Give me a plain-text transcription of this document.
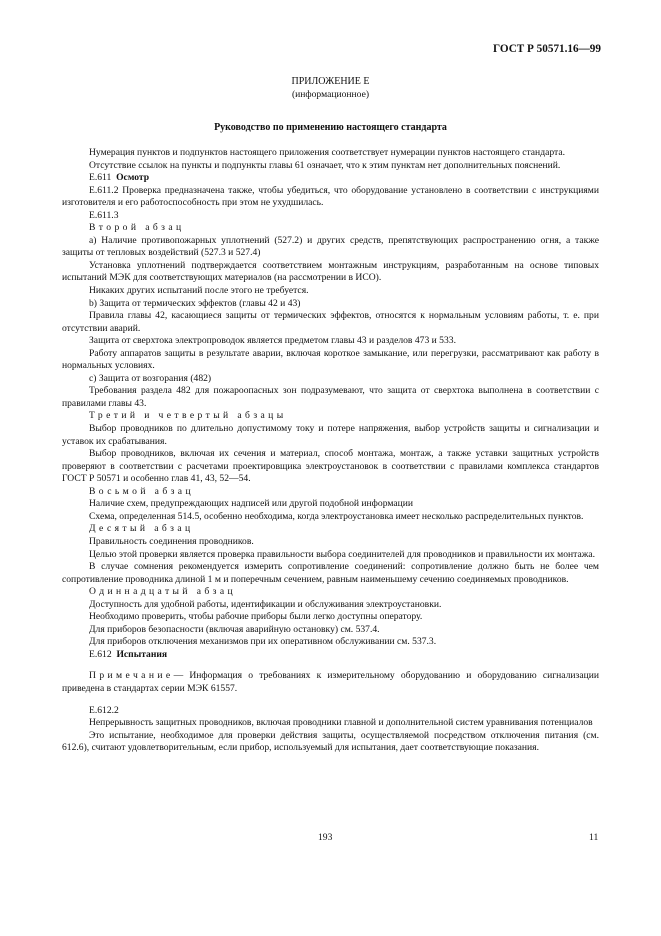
ГОСТ Р 50571.16—99
ПРИЛОЖЕНИЕ Е
(информационное)
Руководство по применению настоящего стандарта

Нумерация пунктов и подпунктов настоящего приложения соответствует нумерации пунктов настоящего стандарта.

Отсутствие ссылок на пункты и подпункты главы 61 означает, что к этим пунктам нет дополнительных пояснений.

Е.611 Осмотр

Е.611.2 Проверка предназначена также, чтобы убедиться, что оборудование установлено в соответствии с инструкциями изготовителя и его работоспособность при этом не ухудшилась.

Е.611.3

Второй абзац

а) Наличие противопожарных уплотнений (527.2) и других средств, препятствующих распространению огня, а также защиты от тепловых воздействий (527.3 и 527.4)

Установка уплотнений подтверждается соответствием монтажным инструкциям, разработанным на основе типовых испытаний МЭК для соответствующих материалов (на рассмотрении в ИСО).

Никаких других испытаний после этого не требуется.

b) Защита от термических эффектов (главы 42 и 43)

Правила главы 42, касающиеся защиты от термических эффектов, относятся к нормальным условиям работы, т. е. при отсутствии аварий.

Защита от сверхтока электропроводок является предметом главы 43 и разделов 473 и 533.

Работу аппаратов защиты в результате аварии, включая короткое замыкание, или перегрузки, рассматривают как работу в нормальных условиях.

c) Защита от возгорания (482)

Требования раздела 482 для пожароопасных зон подразумевают, что защита от сверхтока выполнена в соответствии с правилами главы 43.

Третий и четвертый абзацы

Выбор проводников по длительно допустимому току и потере напряжения, выбор устройств защиты и сигнализации и уставок их срабатывания.

Выбор проводников, включая их сечения и материал, способ монтажа, монтаж, а также уставки защитных устройств проверяют в соответствии с расчетами проектировщика электроустановок в соответствии с правилами комплекса стандартов ГОСТ Р 50571 и особенно глав 41, 43, 52—54.

Восьмой абзац

Наличие схем, предупреждающих надписей или другой подобной информации

Схема, определенная 514.5, особенно необходима, когда электроустановка имеет несколько распределительных пунктов.

Десятый абзац

Правильность соединения проводников.

Целью этой проверки является проверка правильности выбора соединителей для проводников и правильности их монтажа.

В случае сомнения рекомендуется измерить сопротивление соединений: сопротивление должно быть не более чем сопротивление проводника длиной 1 м и поперечным сечением, равным наименьшему сечению соединяемых проводников.

Одиннадцатый абзац

Доступность для удобной работы, идентификации и обслуживания электроустановки.

Необходимо проверить, чтобы рабочие приборы были легко доступны оператору.

Для приборов безопасности (включая аварийную остановку) см. 537.4.

Для приборов отключения механизмов при их оперативном обслуживании см. 537.3.

Е.612 Испытания

Примечание— Информация о требованиях к измерительному оборудованию и оборудованию сигнализации приведена в стандартах серии МЭК 61557.

Е.612.2

Непрерывность защитных проводников, включая проводники главной и дополнительной систем уравнивания потенциалов

Это испытание, необходимое для проверки действия защиты, осуществляемой посредством отключения питания (см. 612.6), считают удовлетворительным, если прибор, используемый для испытания, дает соответствующие показания.

193	11
